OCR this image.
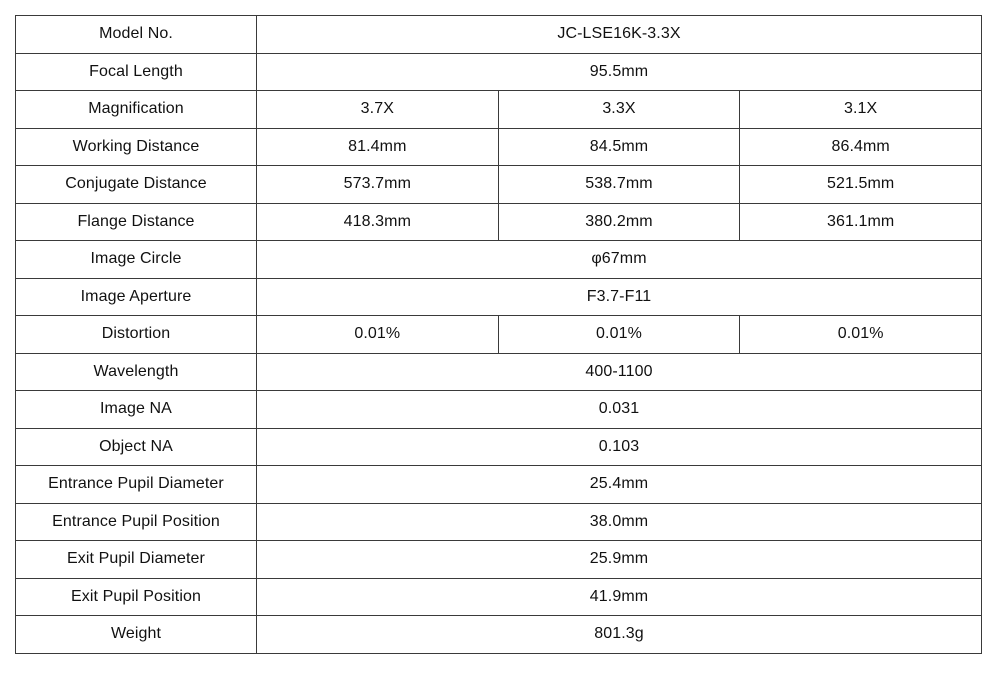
Model No.	JC-LSE16K-3.3X		
Focal Length	95.5mm		
Magnification	3.7X	3.3X	3.1X
Working Distance	81.4mm	84.5mm	86.4mm
Conjugate Distance	573.7mm	538.7mm	521.5mm
Flange Distance	418.3mm	380.2mm	361.1mm
Image Circle	φ67mm		
Image Aperture	F3.7-F11		
Distortion	0.01%	0.01%	0.01%
Wavelength	400-1100		
Image NA	0.031		
Object NA	0.103		
Entrance Pupil Diameter	25.4mm		
Entrance Pupil Position	38.0mm		
Exit Pupil Diameter	25.9mm		
Exit Pupil Position	41.9mm		
Weight	801.3g		
